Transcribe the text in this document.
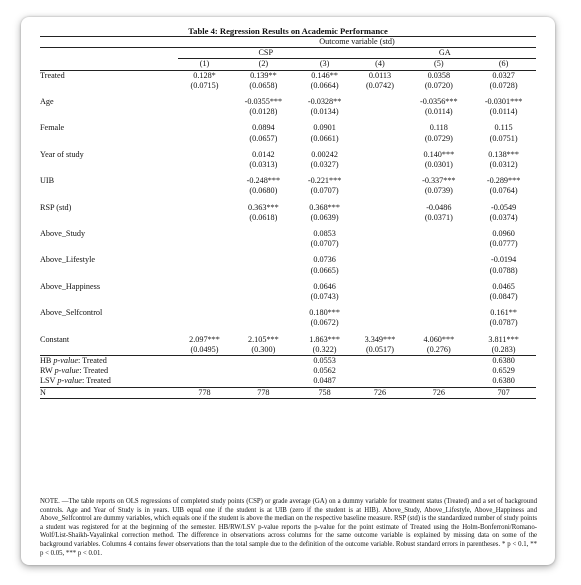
Table 4: Regression Results on Academic Performance
	Outcome variable (std)					
	CSP			GA		
	(1)	(2)	(3)	(4)	(5)	(6)
Treated	0.128*	0.139**	0.146**	0.0113	0.0358	0.0327
	(0.0715)	(0.0658)	(0.0664)	(0.0742)	(0.0720)	(0.0728)

Age		-0.0355***	-0.0328**		-0.0356***	-0.0301***
		(0.0128)	(0.0134)		(0.0114)	(0.0114)

Female		0.0894	0.0901		0.118	0.115
		(0.0657)	(0.0661)		(0.0729)	(0.0751)

Year of study		0.0142	0.00242		0.140***	0.138***
		(0.0313)	(0.0327)		(0.0301)	(0.0312)

UIB		-0.248***	-0.221***		-0.337***	-0.289***
		(0.0680)	(0.0707)		(0.0739)	(0.0764)

RSP (std)		0.363***	0.368***		-0.0486	-0.0549
		(0.0618)	(0.0639)		(0.0371)	(0.0374)

Above_Study			0.0853			0.0960
			(0.0707)			(0.0777)

Above_Lifestyle			0.0736			-0.0194
			(0.0665)			(0.0788)

Above_Happiness			0.0646			0.0465
			(0.0743)			(0.0847)

Above_Selfcontrol			0.180***			0.161**
			(0.0672)			(0.0787)

Constant	2.097***	2.105***	1.863***	3.349***	4.060***	3.811***
	(0.0495)	(0.300)	(0.322)	(0.0517)	(0.276)	(0.283)
HB p-value: Treated			0.0553			0.6380
RW p-value: Treated			0.0562			0.6529
LSV p-value: Treated			0.0487			0.6380
N	778	778	758	726	726	707
NOTE. —The table reports on OLS regressions of completed study points (CSP) or grade average (GA) on a dummy variable for treatment status (Treated) and a set of background controls. Age and Year of Study is in years. UIB equal one if the student is at UIB (zero if the student is at HIB). Above_Study, Above_Lifestyle, Above_Happiness and Above_Selfcontrol are dummy variables, which equals one if the student is above the median on the respective baseline measure. RSP (std) is the standardized number of study points a student was registered for at the beginning of the semester. HB/RW/LSV p-value reports the p-value for the point estimate of Treated using the Holm-Bonferroni/Romano-Wolf/List-Shaikh-Vayalinkal correction method. The difference in observations across columns for the same outcome variable is explained by missing data on some of the background variables. Columns 4 contains fewer observations than the total sample due to the definition of the outcome variable. Robust standard errors in parentheses. * p < 0.1, ** p < 0.05, *** p < 0.01.
